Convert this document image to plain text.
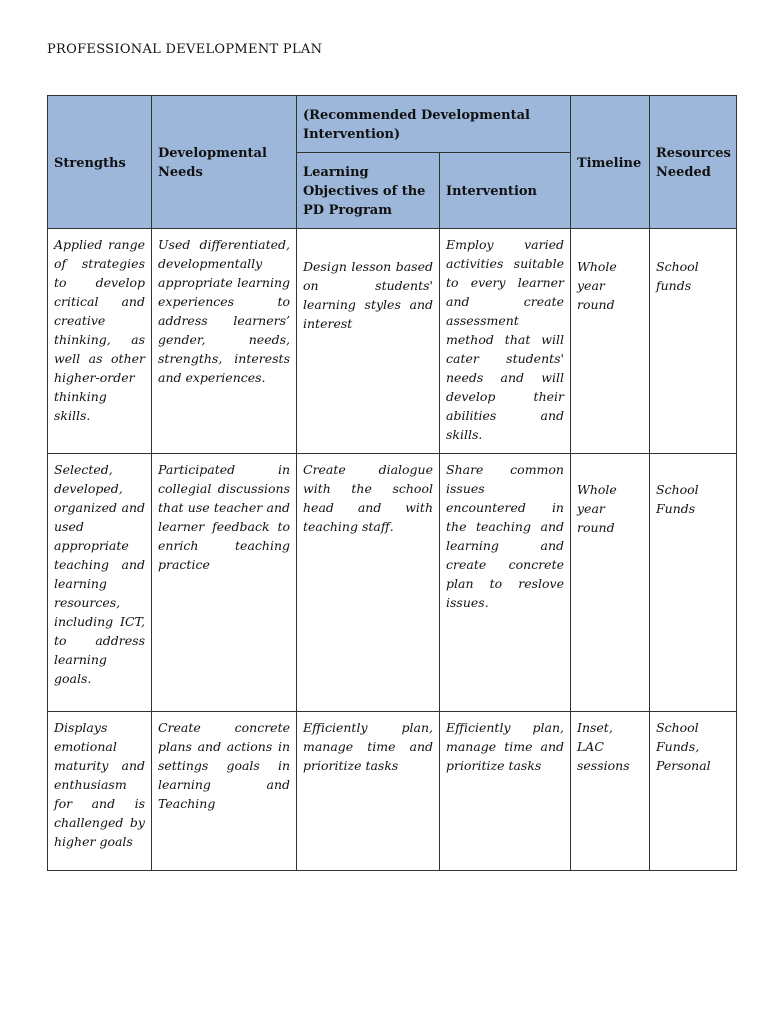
PROFESSIONAL DEVELOPMENT PLAN
Strengths	Developmental Needs	(Recommended Developmental Intervention)		Timeline	Resources Needed
		Learning Objectives of the PD Program	Intervention		

Applied range of strategies to develop critical and creative thinking, as well as other higher-order thinking skills.	Used differentiated, developmentally appropriate learning experiences to address learners’ gender, needs, strengths, interests and experiences.	Design lesson based on students' learning styles and interest	Employ varied activities suitable to every learner and create assessment method that will cater students' needs and will develop their abilities and skills.	Whole year round	School funds

Selected, developed, organized and used appropriate teaching and learning resources, including ICT, to address learning goals.	Participated in collegial discussions that use teacher and learner feedback to enrich teaching practice	Create dialogue with the school head and with teaching staff.	Share common issues encountered in the teaching and learning and create concrete plan to reslove issues.	Whole year round	School Funds

Displays emotional maturity and enthusiasm for and is challenged by higher goals	Create concrete plans and actions in settings goals in learning and Teaching	Efficiently plan, manage time and prioritize tasks	Efficiently plan, manage time and prioritize tasks	Inset, LAC sessions	School Funds, Personal
